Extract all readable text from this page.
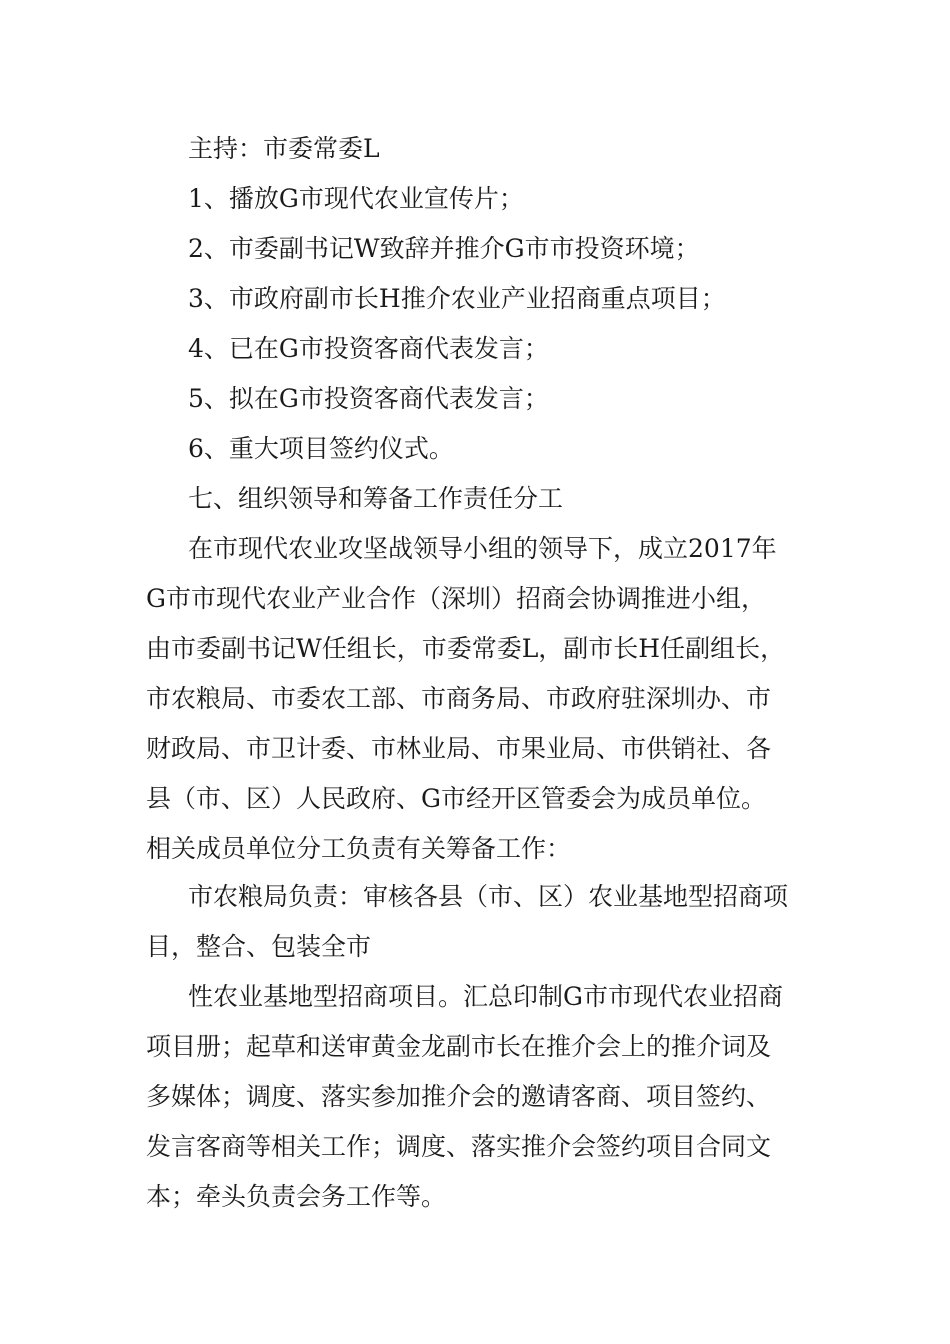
主持：市委常委L

1、播放G市现代农业宣传片；

2、市委副书记W致辞并推介G市市投资环境；

3、市政府副市长H推介农业产业招商重点项目；

4、已在G市投资客商代表发言；

5、拟在G市投资客商代表发言；

6、重大项目签约仪式。

七、组织领导和筹备工作责任分工

在市现代农业攻坚战领导小组的领导下，成立2017年

G市市现代农业产业合作（深圳）招商会协调推进小组，

由市委副书记W任组长，市委常委L，副市长H任副组长，

市农粮局、市委农工部、市商务局、市政府驻深圳办、市

财政局、市卫计委、市林业局、市果业局、市供销社、各

县（市、区）人民政府、G市经开区管委会为成员单位。

相关成员单位分工负责有关筹备工作：

市农粮局负责：审核各县（市、区）农业基地型招商项

目，整合、包装全市

性农业基地型招商项目。汇总印制G市市现代农业招商

项目册；起草和送审黄金龙副市长在推介会上的推介词及

多媒体；调度、落实参加推介会的邀请客商、项目签约、

发言客商等相关工作；调度、落实推介会签约项目合同文

本；牵头负责会务工作等。
